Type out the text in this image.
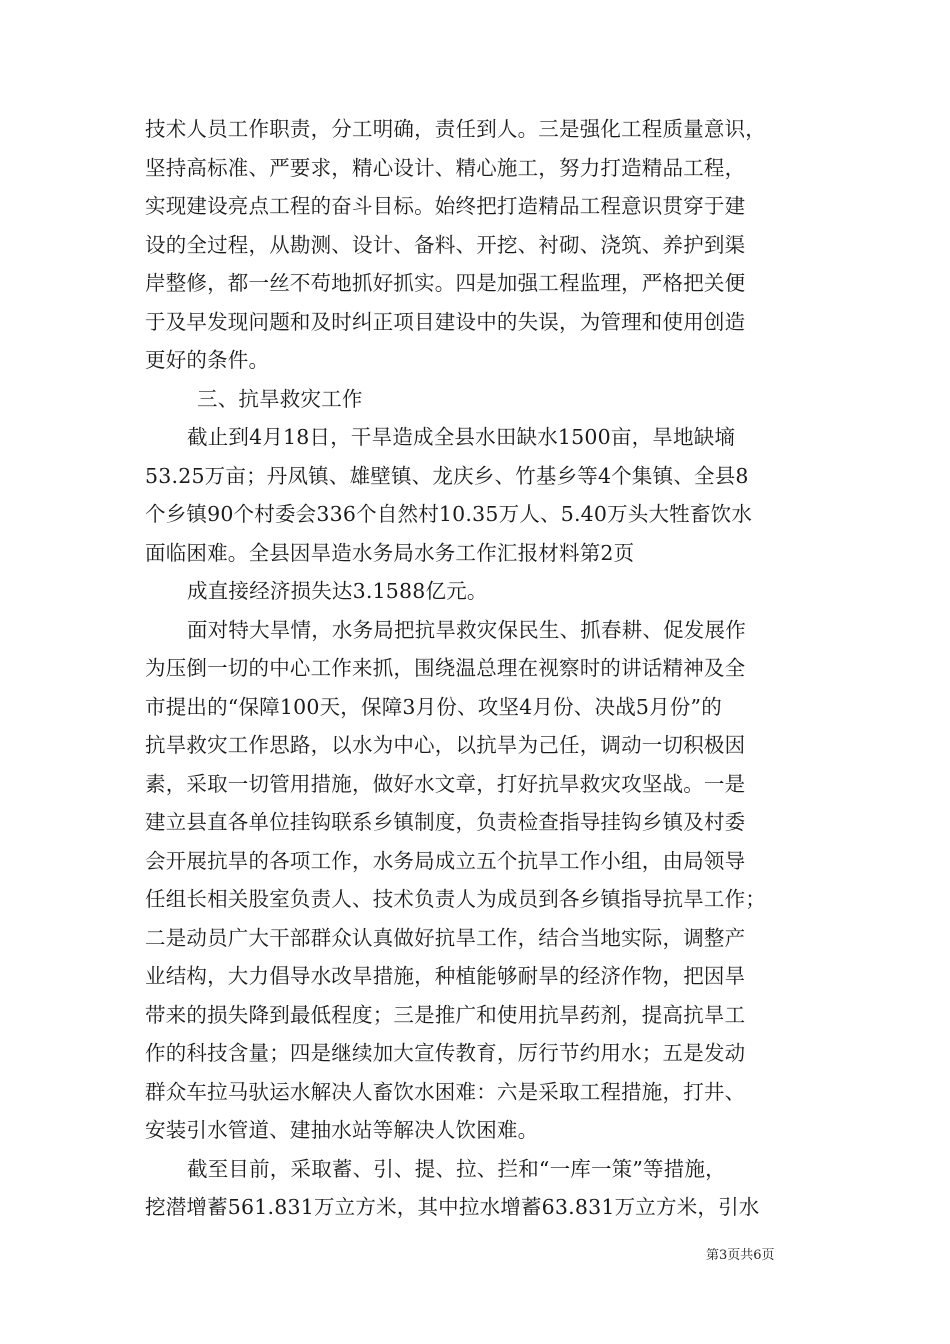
技术人员工作职责，分工明确，责任到人。三是强化工程质量意识，
坚持高标准、严要求，精心设计、精心施工，努力打造精品工程，
实现建设亮点工程的奋斗目标。始终把打造精品工程意识贯穿于建
设的全过程，从勘测、设计、备料、开挖、衬砌、浇筑、养护到渠
岸整修，都一丝不苟地抓好抓实。四是加强工程监理，严格把关便
于及早发现问题和及时纠正项目建设中的失误，为管理和使用创造
更好的条件。
三、抗旱救灾工作
截止到4月18日，干旱造成全县水田缺水1500亩，旱地缺墒
53.25万亩；丹凤镇、雄壁镇、龙庆乡、竹基乡等4个集镇、全县8
个乡镇90个村委会336个自然村10.35万人、5.40万头大牲畜饮水
面临困难。全县因旱造水务局水务工作汇报材料第2页
成直接经济损失达3.1588亿元。
面对特大旱情，水务局把抗旱救灾保民生、抓春耕、促发展作
为压倒一切的中心工作来抓，围绕温总理在视察时的讲话精神及全
市提出的“保障100天，保障3月份、攻坚4月份、决战5月份”的
抗旱救灾工作思路，以水为中心，以抗旱为己任，调动一切积极因
素，采取一切管用措施，做好水文章，打好抗旱救灾攻坚战。一是
建立县直各单位挂钩联系乡镇制度，负责检查指导挂钩乡镇及村委
会开展抗旱的各项工作，水务局成立五个抗旱工作小组，由局领导
任组长相关股室负责人、技术负责人为成员到各乡镇指导抗旱工作；
二是动员广大干部群众认真做好抗旱工作，结合当地实际，调整产
业结构，大力倡导水改旱措施，种植能够耐旱的经济作物，把因旱
带来的损失降到最低程度；三是推广和使用抗旱药剂，提高抗旱工
作的科技含量；四是继续加大宣传教育，厉行节约用水；五是发动
群众车拉马驮运水解决人畜饮水困难：六是采取工程措施，打井、
安装引水管道、建抽水站等解决人饮困难。
截至目前，采取蓄、引、提、拉、拦和“一库一策”等措施，
挖潜增蓄561.831万立方米，其中拉水增蓄63.831万立方米，引水
第3页共6页
